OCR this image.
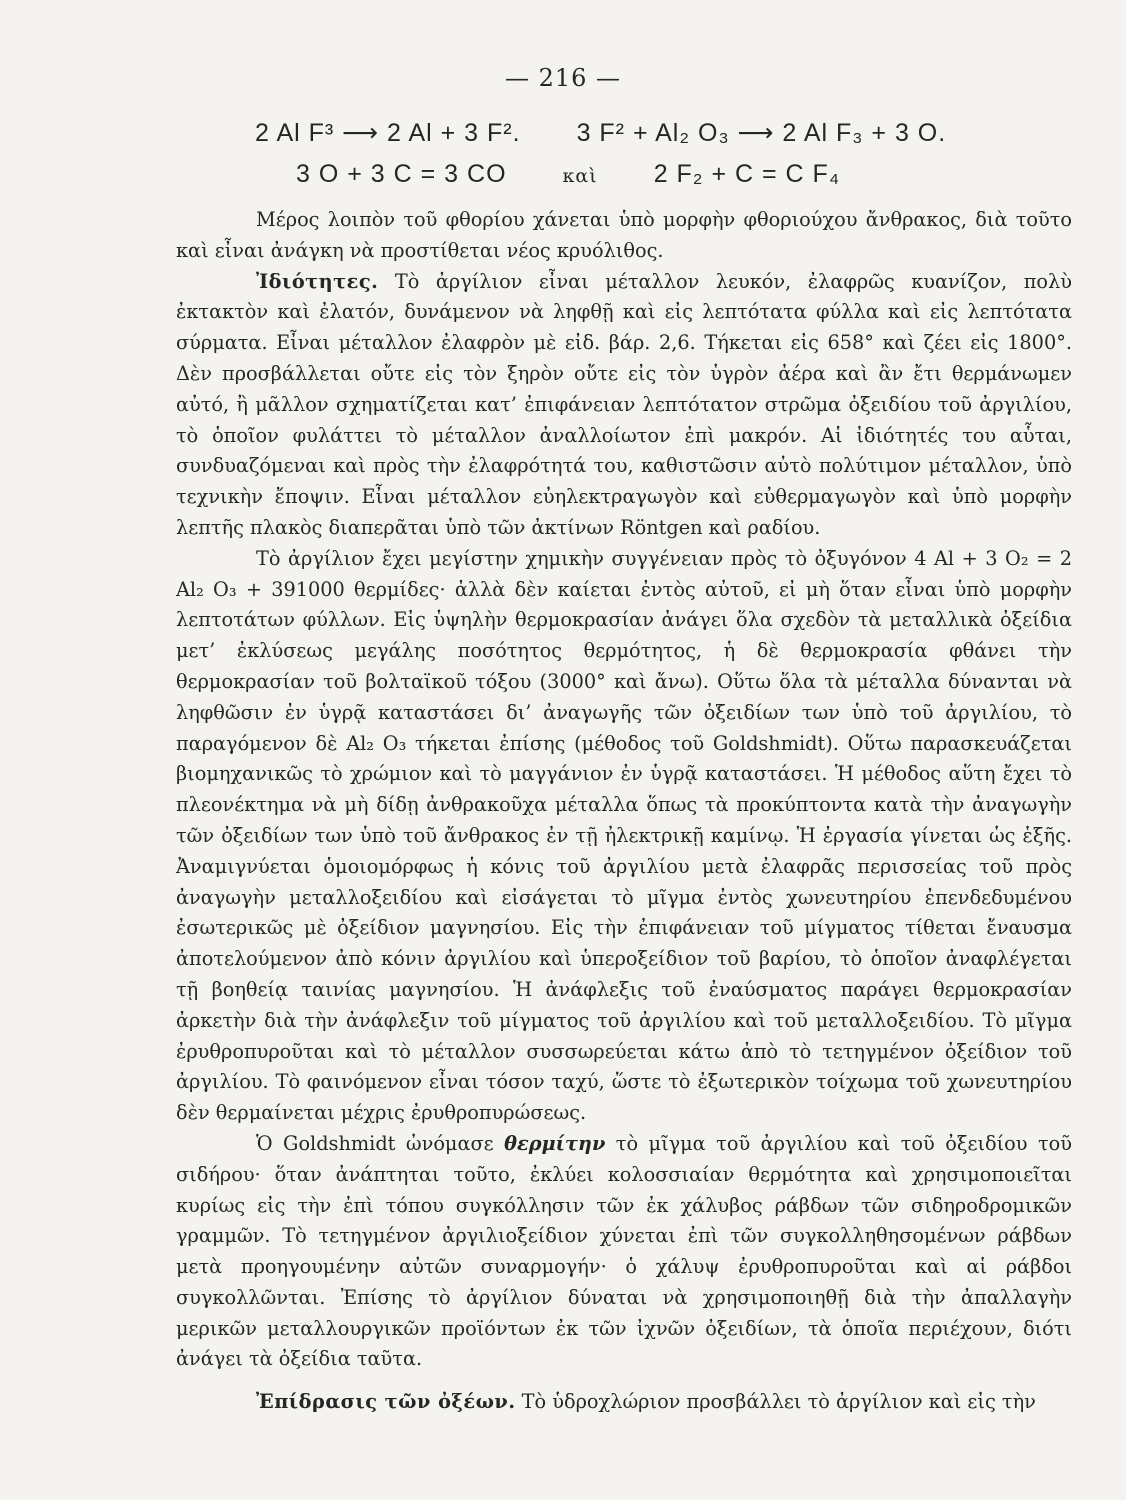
— 216 —
2 Al F³ ⟶ 2 Al + 3 F². 3 F² + Al₂ O₃ ⟶ 2 Al F₃ + 3 O.
3 O + 3 C = 3 CO	καὶ 2 F₂ + C = C F₄

Μέρος λοιπὸν τοῦ φθορίου χάνεται ὑπὸ μορφὴν φθοριούχου ἄνθρακος, διὰ τοῦτο καὶ εἶναι ἀνάγκη νὰ προστίθεται νέος κρυόλιθος.

Ἰδιότητες. Τὸ ἀργίλιον εἶναι μέταλλον λευκόν, ἐλαφρῶς κυανίζον, πολὺ ἐκτακτὸν καὶ ἐλατόν, δυνάμενον νὰ ληφθῇ καὶ εἰς λεπτότατα φύλλα καὶ εἰς λεπτότατα σύρματα. Εἶναι μέταλλον ἐλαφρὸν μὲ εἰδ. βάρ. 2,6. Τήκεται εἰς 658° καὶ ζέει εἰς 1800°. Δὲν προσβάλλεται οὔτε εἰς τὸν ξηρὸν οὔτε εἰς τὸν ὑγρὸν ἀέρα καὶ ἂν ἔτι θερμάνωμεν αὐτό, ἢ μᾶλλον σχηματίζεται κατ’ ἐπιφάνειαν λεπτότατον στρῶμα ὀξειδίου τοῦ ἀργιλίου, τὸ ὁποῖον φυλάττει τὸ μέταλλον ἀναλλοίωτον ἐπὶ μακρόν. Αἱ ἰδιότητές του αὗται, συνδυαζόμεναι καὶ πρὸς τὴν ἐλαφρότητά του, καθιστῶσιν αὐτὸ πολύτιμον μέταλλον, ὑπὸ τεχνικὴν ἔποψιν. Εἶναι μέταλλον εὐηλεκτραγωγὸν καὶ εὐθερμαγωγὸν καὶ ὑπὸ μορφὴν λεπτῆς πλακὸς διαπερᾶται ὑπὸ τῶν ἀκτίνων Röntgen καὶ ραδίου.

Τὸ ἀργίλιον ἔχει μεγίστην χημικὴν συγγένειαν πρὸς τὸ ὀξυγόνον 4 Al + 3 O₂ = 2 Al₂ O₃ + 391000 θερμίδες· ἀλλὰ δὲν καίεται ἐντὸς αὐτοῦ, εἰ μὴ ὅταν εἶναι ὑπὸ μορφὴν λεπτοτάτων φύλλων. Εἰς ὑψηλὴν θερμοκρασίαν ἀνάγει ὅλα σχεδὸν τὰ μεταλλικὰ ὀξείδια μετ’ ἐκλύσεως μεγάλης ποσότητος θερμότητος, ἡ δὲ θερμοκρασία φθάνει τὴν θερμοκρασίαν τοῦ βολταϊκοῦ τόξου (3000° καὶ ἄνω). Οὕτω ὅλα τὰ μέταλλα δύνανται νὰ ληφθῶσιν ἐν ὑγρᾷ καταστάσει δι’ ἀναγωγῆς τῶν ὀξειδίων των ὑπὸ τοῦ ἀργιλίου, τὸ παραγόμενον δὲ Al₂ O₃ τήκεται ἐπίσης (μέθοδος τοῦ Goldshmidt). Οὕτω παρασκευάζεται βιομηχανικῶς τὸ χρώμιον καὶ τὸ μαγγάνιον ἐν ὑγρᾷ καταστάσει. Ἡ μέθοδος αὕτη ἔχει τὸ πλεονέκτημα νὰ μὴ δίδῃ ἀνθρακοῦχα μέταλλα ὅπως τὰ προκύπτοντα κατὰ τὴν ἀναγωγὴν τῶν ὀξειδίων των ὑπὸ τοῦ ἄνθρακος ἐν τῇ ἠλεκτρικῇ καμίνῳ. Ἡ ἐργασία γίνεται ὡς ἑξῆς. Ἀναμιγνύεται ὁμοιομόρφως ἡ κόνις τοῦ ἀργιλίου μετὰ ἐλαφρᾶς περισσείας τοῦ πρὸς ἀναγωγὴν μεταλλοξειδίου καὶ εἰσάγεται τὸ μῖγμα ἐντὸς χωνευτηρίου ἐπενδεδυμένου ἐσωτερικῶς μὲ ὀξείδιον μαγνησίου. Εἰς τὴν ἐπιφάνειαν τοῦ μίγματος τίθεται ἔναυσμα ἀποτελούμενον ἀπὸ κόνιν ἀργιλίου καὶ ὑπεροξείδιον τοῦ βαρίου, τὸ ὁποῖον ἀναφλέγεται τῇ βοηθείᾳ ταινίας μαγνησίου. Ἡ ἀνάφλεξις τοῦ ἐναύσματος παράγει θερμοκρασίαν ἀρκετὴν διὰ τὴν ἀνάφλεξιν τοῦ μίγματος τοῦ ἀργιλίου καὶ τοῦ μεταλλοξειδίου. Τὸ μῖγμα ἐρυθροπυροῦται καὶ τὸ μέταλλον συσσωρεύεται κάτω ἀπὸ τὸ τετηγμένον ὀξείδιον τοῦ ἀργιλίου. Τὸ φαινόμενον εἶναι τόσον ταχύ, ὥστε τὸ ἐξωτερικὸν τοίχωμα τοῦ χωνευτηρίου δὲν θερμαίνεται μέχρις ἐρυθροπυρώσεως.

Ὁ Goldshmidt ὠνόμασε θερμίτην τὸ μῖγμα τοῦ ἀργιλίου καὶ τοῦ ὀξειδίου τοῦ σιδήρου· ὅταν ἀνάπτηται τοῦτο, ἐκλύει κολοσσιαίαν θερμότητα καὶ χρησιμοποιεῖται κυρίως εἰς τὴν ἐπὶ τόπου συγκόλλησιν τῶν ἐκ χάλυβος ράβδων τῶν σιδηροδρομικῶν γραμμῶν. Τὸ τετηγμένον ἀργιλιοξείδιον χύνεται ἐπὶ τῶν συγκολληθησομένων ράβδων μετὰ προηγουμένην αὐτῶν συναρμογήν· ὁ χάλυψ ἐρυθροπυροῦται καὶ αἱ ράβδοι συγκολλῶνται. Ἐπίσης τὸ ἀργίλιον δύναται νὰ χρησιμοποιηθῇ διὰ τὴν ἀπαλλαγὴν μερικῶν μεταλλουργικῶν προϊόντων ἐκ τῶν ἰχνῶν ὀξειδίων, τὰ ὁποῖα περιέχουν, διότι ἀνάγει τὰ ὀξείδια ταῦτα.

Ἐπίδρασις τῶν ὀξέων. Τὸ ὑδροχλώριον προσβάλλει τὸ ἀργίλιον καὶ εἰς τὴν
